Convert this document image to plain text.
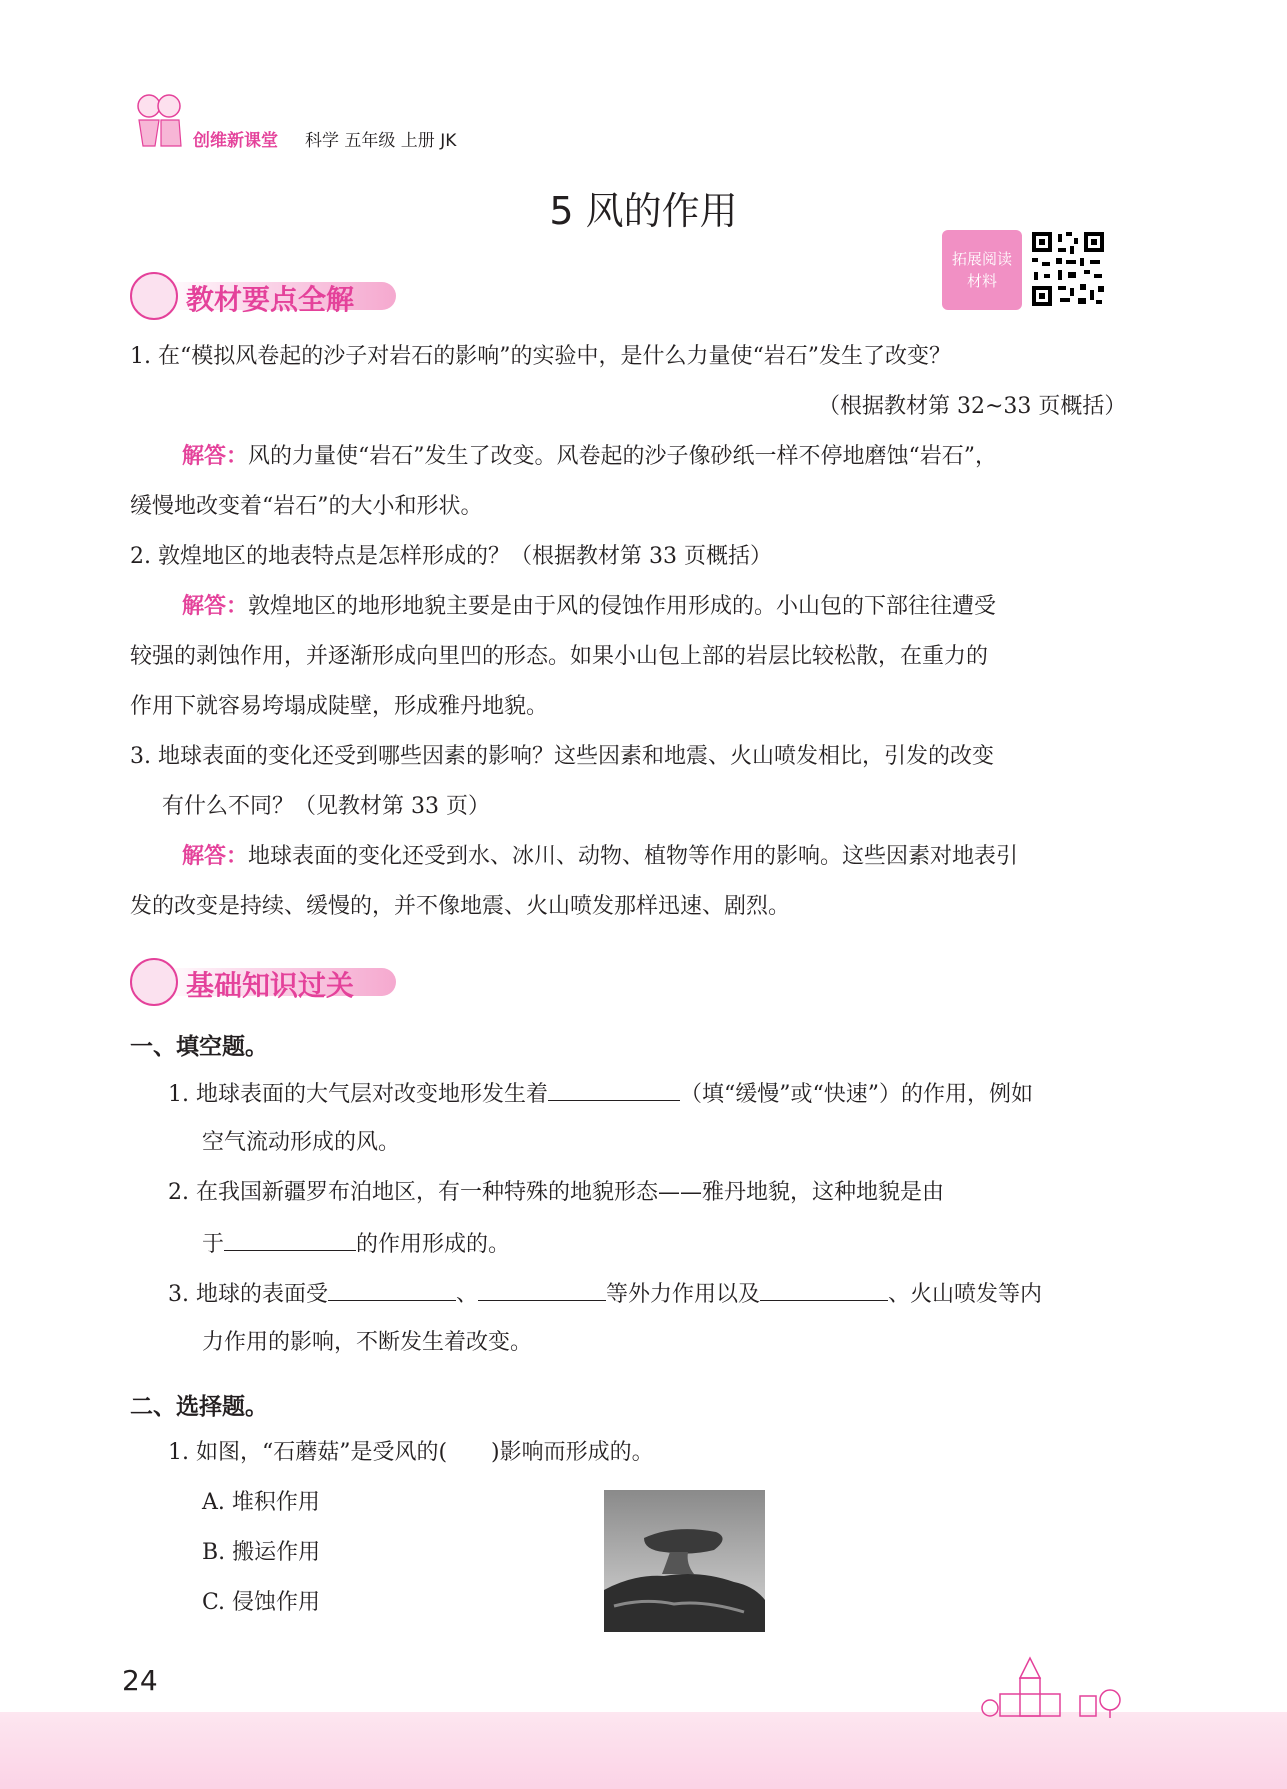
创维新课堂 科学 五年级 上册 JK
5 风的作用
拓展阅读
材料
教材要点全解
1. 在“模拟风卷起的沙子对岩石的影响”的实验中，是什么力量使“岩石”发生了改变？
（根据教材第 32~33 页概括）
解答：风的力量使“岩石”发生了改变。风卷起的沙子像砂纸一样不停地磨蚀“岩石”，
缓慢地改变着“岩石”的大小和形状。
2. 敦煌地区的地表特点是怎样形成的？（根据教材第 33 页概括）
解答：敦煌地区的地形地貌主要是由于风的侵蚀作用形成的。小山包的下部往往遭受
较强的剥蚀作用，并逐渐形成向里凹的形态。如果小山包上部的岩层比较松散，在重力的
作用下就容易垮塌成陡壁，形成雅丹地貌。
3. 地球表面的变化还受到哪些因素的影响？这些因素和地震、火山喷发相比，引发的改变
有什么不同？（见教材第 33 页）
解答：地球表面的变化还受到水、冰川、动物、植物等作用的影响。这些因素对地表引
发的改变是持续、缓慢的，并不像地震、火山喷发那样迅速、剧烈。
基础知识过关
一、填空题。
1. 地球表面的大气层对改变地形发生着	（填“缓慢”或“快速”）的作用，例如
空气流动形成的风。
2. 在我国新疆罗布泊地区，有一种特殊的地貌形态——雅丹地貌，这种地貌是由
于	的作用形成的。
3. 地球的表面受	、	等外力作用以及	、火山喷发等内
力作用的影响，不断发生着改变。
二、选择题。
1. 如图，“石蘑菇”是受风的(　　)影响而形成的。
A. 堆积作用
B. 搬运作用
C. 侵蚀作用
24
